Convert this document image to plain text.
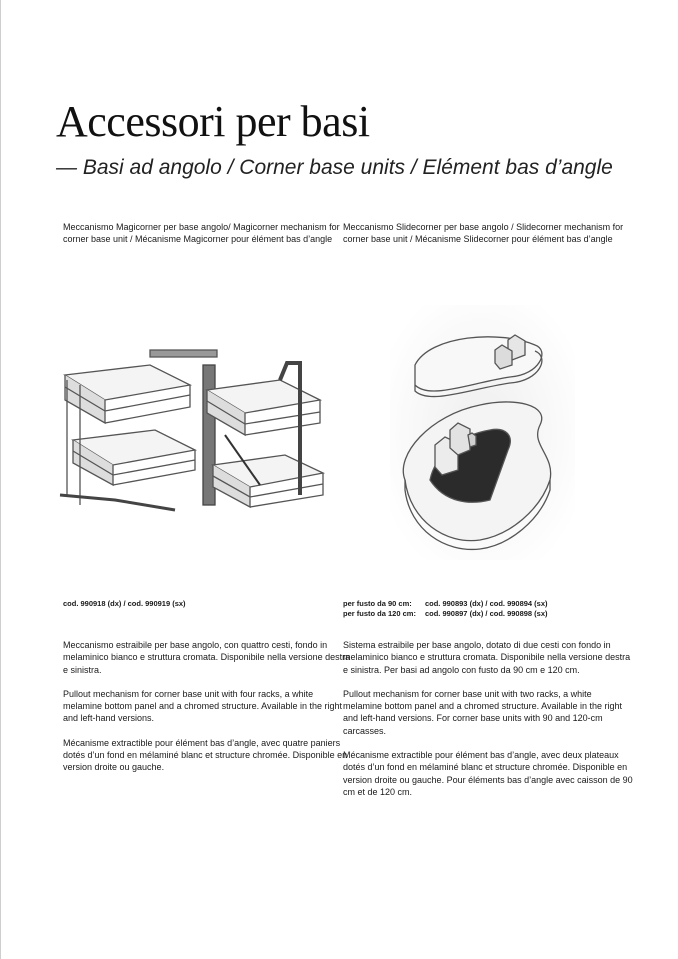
Accessori per basi
— Basi ad angolo / Corner base units / Elément bas d’angle
Meccanismo Magicorner per base angolo/ Magicorner mechanism for corner base unit / Mécanisme Magicorner pour élément bas d’angle
cod. 990918 (dx) / cod. 990919 (sx)

Meccanismo estraibile per base angolo, con quattro cesti, fondo in melaminico bianco e struttura cromata. Disponibile nella versione destra e sinistra.

Pullout mechanism for corner base unit with four racks, a white melamine bottom panel and a chromed structure. Available in the right and left-hand versions.

Mécanisme extractible pour élément bas d’angle, avec quatre paniers dotés d’un fond en mélaminé blanc et structure chromée. Disponible en version droite ou gauche.

Meccanismo Slidecorner per base angolo / Slidecorner mechanism for corner base unit / Mécanisme Slidecorner pour élément bas d’angle
per fusto da 90 cm:	cod. 990893 (dx) / cod. 990894 (sx)
per fusto da 120 cm:	cod. 990897 (dx) / cod. 990898 (sx)

Sistema estraibile per base angolo, dotato di due cesti con fondo in melaminico bianco e struttura cromata. Disponibile nella versione destra e sinistra. Per basi ad angolo con fusto da 90 cm e 120 cm.

Pullout mechanism for corner base unit with two racks, a white melamine bottom panel and a chromed structure. Available in the right and left-hand versions. For corner base units with 90 and 120-cm carcasses.

Mécanisme extractible pour élément bas d’angle, avec deux plateaux dotés d’un fond en mélaminé blanc et structure chromée. Disponible en version droite ou gauche. Pour éléments bas d’angle avec caisson de 90 cm et de 120 cm.
